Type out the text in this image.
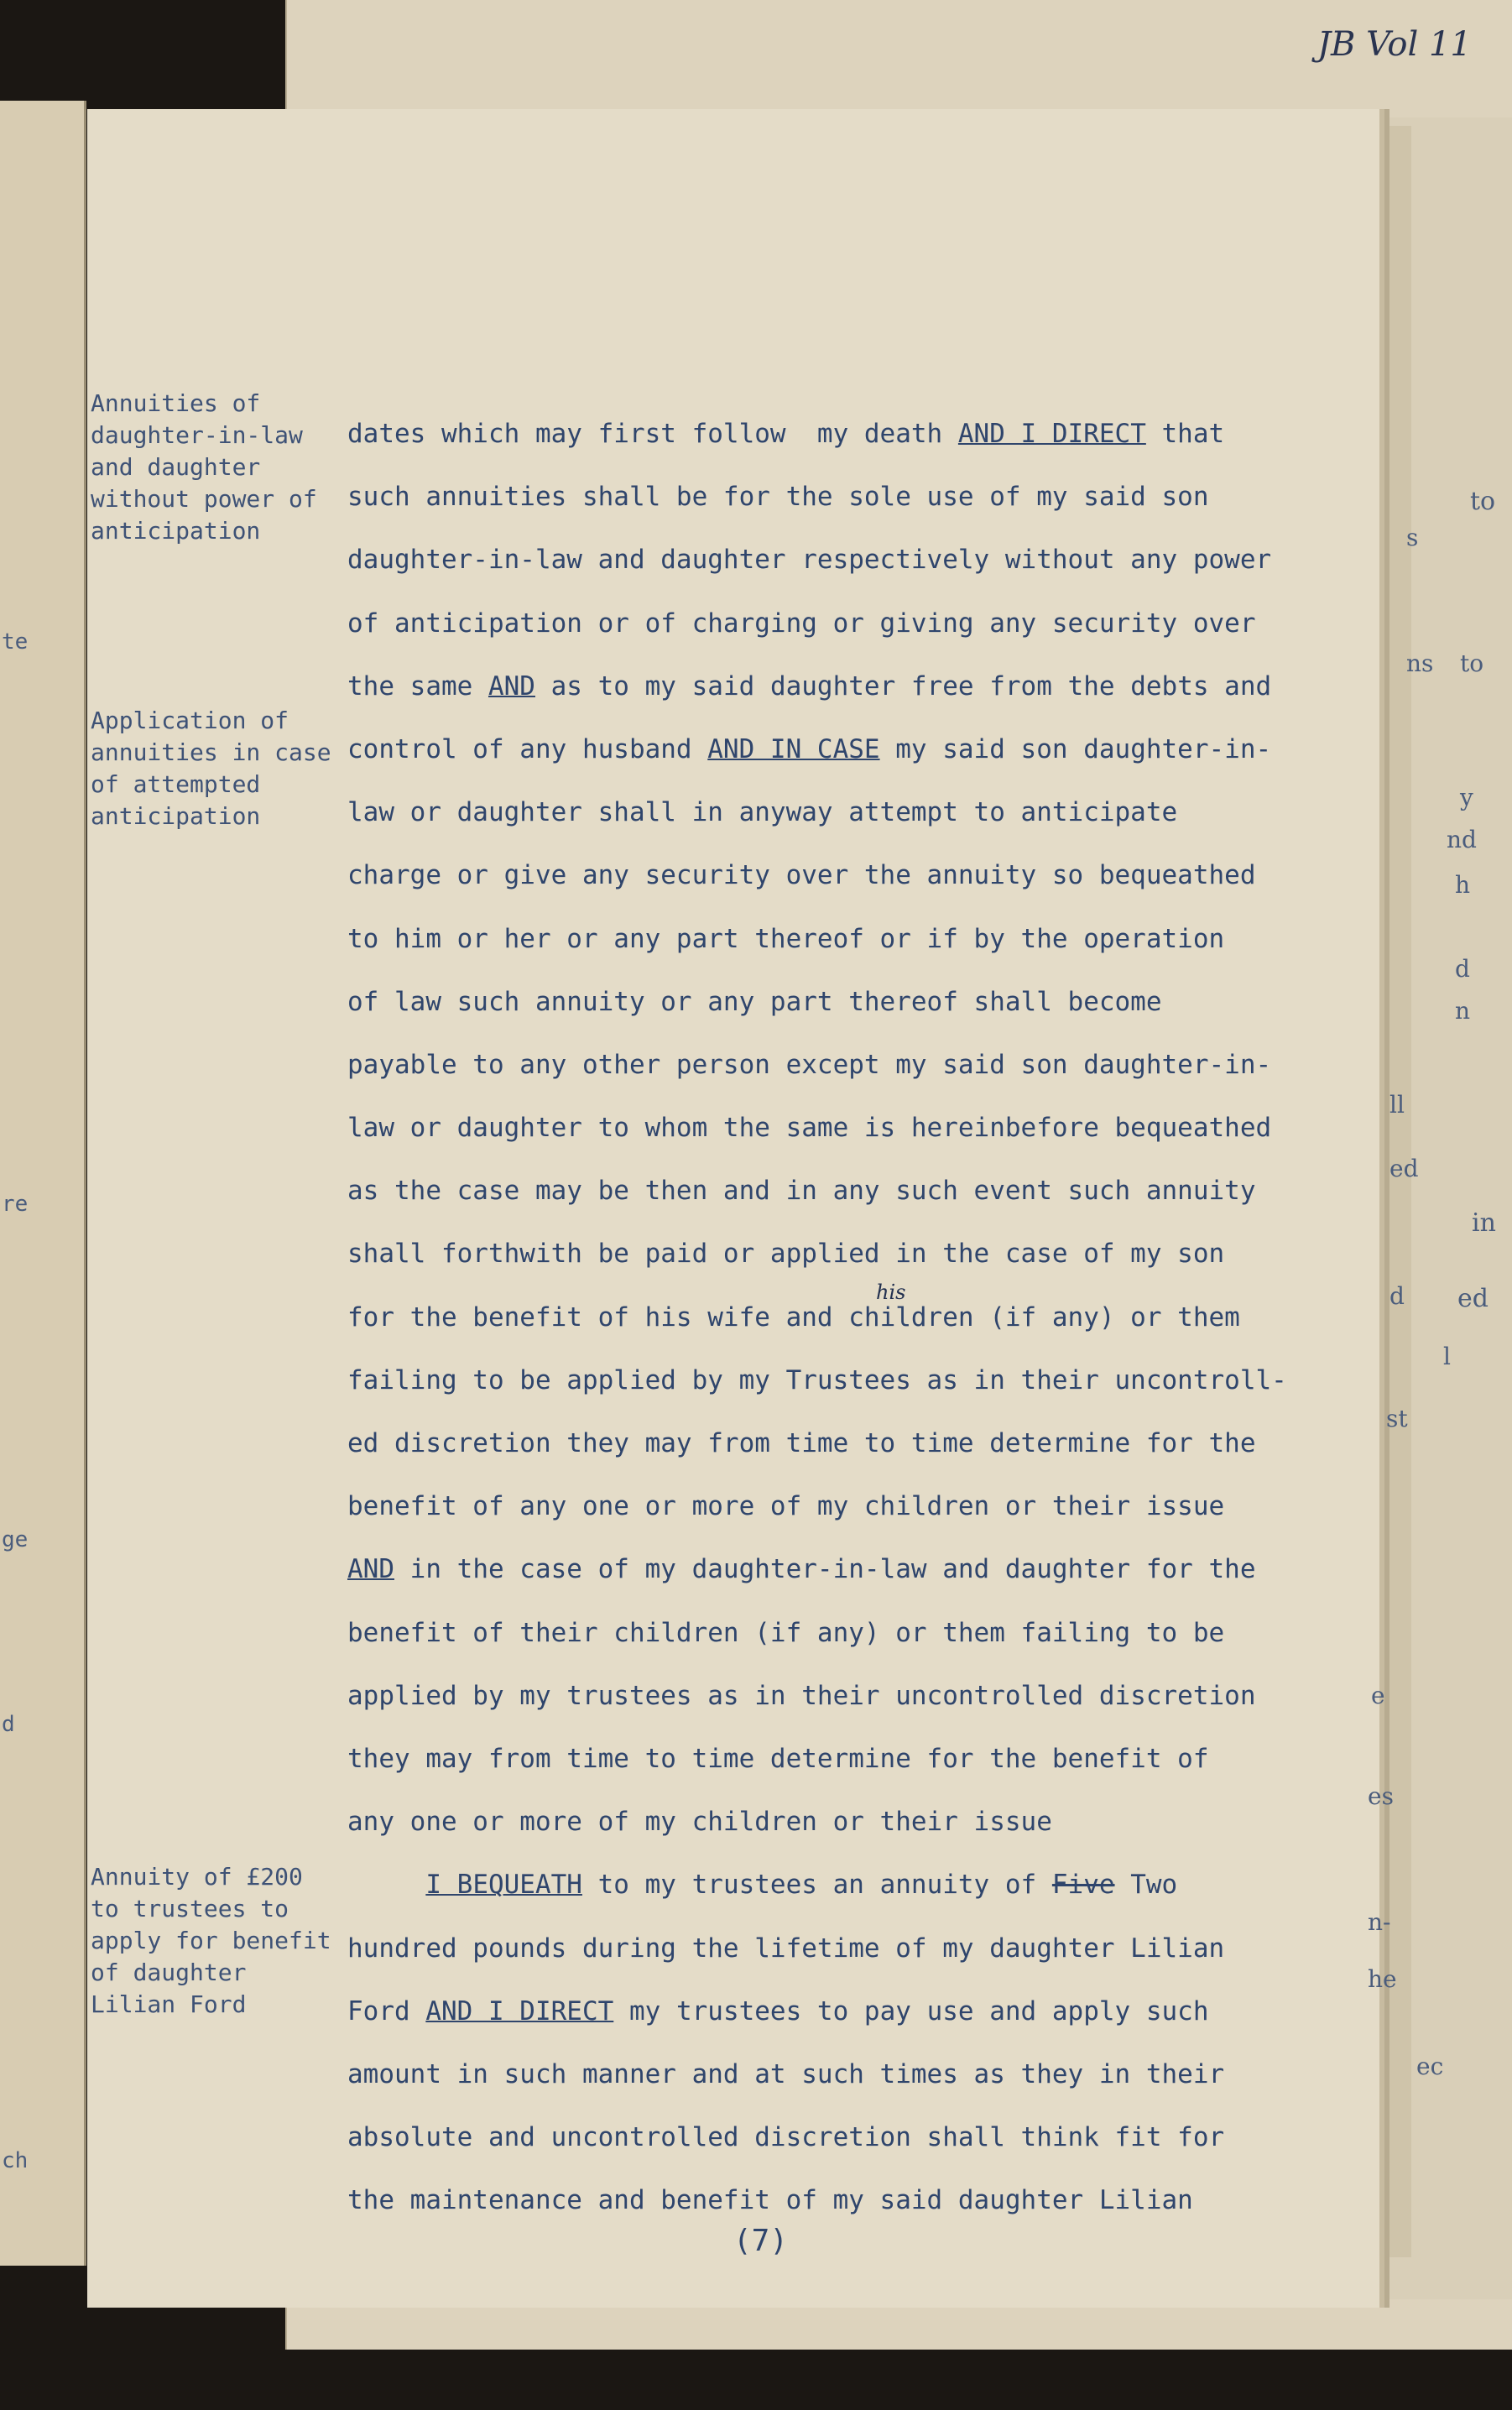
te
re
ge
d
ch
to
in
ed
JB Vol 11
Annuities of
daughter-in-law
and daughter
without power of
anticipation
Application of
annuities in case
of attempted
anticipation
Annuity of £200
to trustees to
apply for benefit
of daughter
Lilian Ford
dates which may first follow  my death AND I DIRECT that
such annuities shall be for the sole use of my said son
daughter-in-law and daughter respectively without any power
of anticipation or of charging or giving any security over
the same AND as to my said daughter free from the debts and
control of any husband AND IN CASE my said son daughter-in-
law or daughter shall in anyway attempt to anticipate
charge or give any security over the annuity so bequeathed
to him or her or any part thereof or if by the operation
of law such annuity or any part thereof shall become
payable to any other person except my said son daughter-in-
law or daughter to whom the same is hereinbefore bequeathed
as the case may be then and in any such event such annuity
shall forthwith be paid or applied in the case of my son
for the benefit of his wife and
his
children (if any) or them
failing to be applied by my Trustees as in their uncontroll-
ed discretion they may from time to time determine for the
benefit of any one or more of my children or their issue
AND in the case of my daughter-in-law and daughter for the
benefit of their children (if any) or them failing to be
applied by my trustees as in their uncontrolled discretion
they may from time to time determine for the benefit of
any one or more of my children or their issue
I BEQUEATH to my trustees an annuity of Five Two
hundred pounds during the lifetime of my daughter Lilian
Ford AND I DIRECT my trustees to pay use and apply such
amount in such manner and at such times as they in their
absolute and uncontrolled discretion shall think fit for
the maintenance and benefit of my said daughter Lilian
(7)
s
ns to
y
nd
h
d
n
ll
ed
d
l
st
e
es
n-
he
ec
